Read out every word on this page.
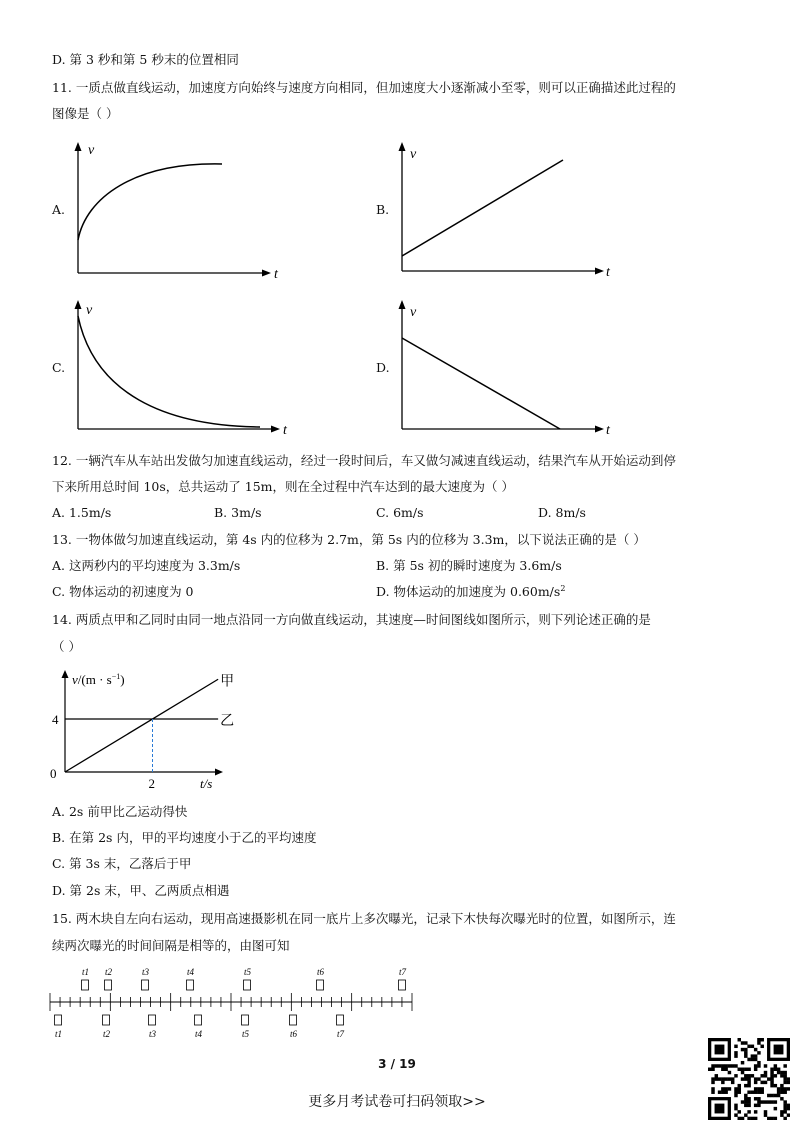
D. 第 3 秒和第 5 秒末的位置相同
11. 一质点做直线运动，加速度方向始终与速度方向相同，但加速度大小逐渐减小至零，则可以正确描述此过程的
图像是（ ）
A.
v
t
B.
v
t
C.
v
t
D.
v
t
12. 一辆汽车从车站出发做匀加速直线运动，经过一段时间后，车又做匀减速直线运动，结果汽车从开始运动到停
下来所用总时间 10s，总共运动了 15m，则在全过程中汽车达到的最大速度为（ ）
A. 1.5m/s	B. 3m/s	C. 6m/s	D. 8m/s
13. 一物体做匀加速直线运动，第 4s 内的位移为 2.7m，第 5s 内的位移为 3.3m，以下说法正确的是（ ）
A. 这两秒内的平均速度为 3.3m/s	B. 第 5s 初的瞬时速度为 3.6m/s
C. 物体运动的初速度为 0	D. 物体运动的加速度为 $0.60m/s^2$
14. 两质点甲和乙同时由同一地点沿同一方向做直线运动，其速度—时间图线如图所示，则下列论述正确的是
（ ）
4
2
甲
乙
$v/(m \cdot s^{-1})$
0
t/s
A. 2s 前甲比乙运动得快
B. 在第 2s 内，甲的平均速度小于乙的平均速度
C. 第 3s 末，乙落后于甲
D. 第 2s 末，甲、乙两质点相遇
15. 两木块自左向右运动，现用高速摄影机在同一底片上多次曝光，记录下木快每次曝光时的位置，如图所示，连
续两次曝光的时间间隔是相等的，由图可知
t1 t2	t3	t4	t5	t6	t7
t1	t2	t3	t4	t5	t6	t7
3 / 19
更多月考试卷可扫码领取>>
